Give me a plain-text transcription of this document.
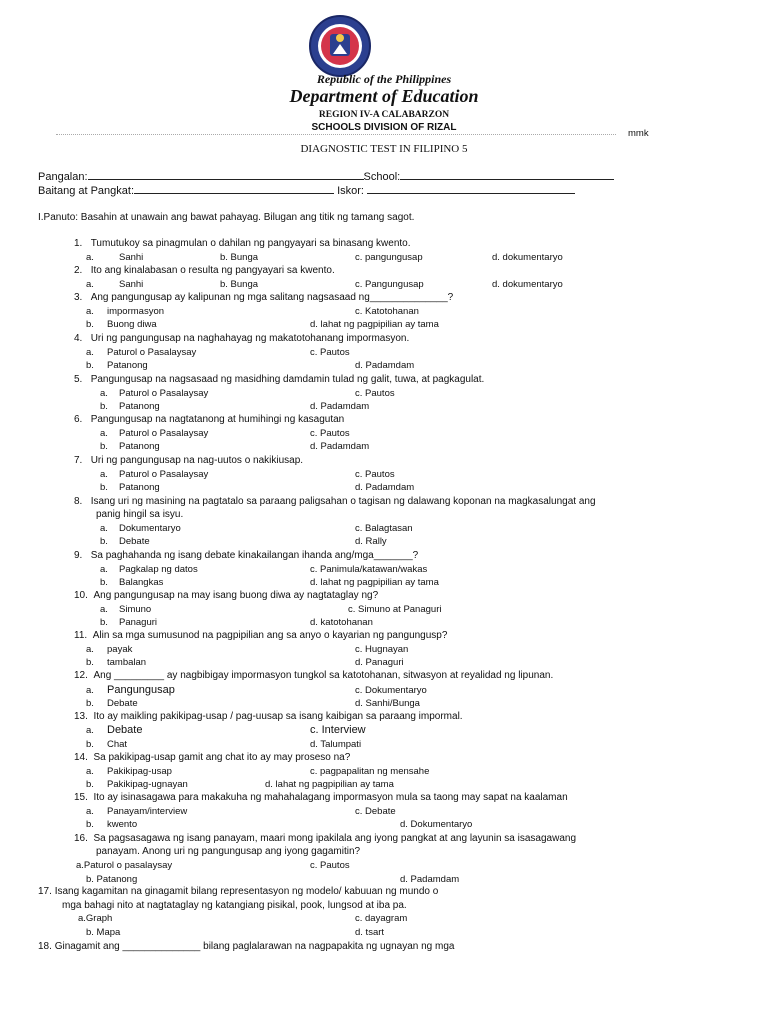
Republic of the Philippines
Department of Education
REGION IV-A CALABARZON
SCHOOLS DIVISION OF RIZAL
mmk
DIAGNOSTIC TEST IN FILIPINO 5
Pangalan:	School:
Baitang at Pangkat:	Iskor:
I.Panuto: Basahin at unawain ang bawat pahayag. Bilugan ang titik ng tamang sagot.
1. Tumutukoy sa pinagmulan o dahilan ng pangyayari sa binasang kwento.
a.	Sanhi	b. Bunga	c. pangungusap	d. dokumentaryo
2. Ito ang kinalabasan o resulta ng pangyayari sa kwento.
a.	Sanhi	b. Bunga	c. Pangungusap	d. dokumentaryo
3. Ang pangungusap ay kalipunan ng mga salitang nagsasaad ng______________?
a. impormasyon	c. Katotohanan
b. Buong diwa	d. lahat ng pagpipilian ay tama
4. Uri ng pangungusap na naghahayag ng makatotohanang impormasyon.
a. Paturol o Pasalaysay	c. Pautos
b. Patanong	d. Padamdam
5. Pangungusap na nagsasaad ng masidhing damdamin tulad ng galit, tuwa, at pagkagulat.
a. Paturol o Pasalaysay	c. Pautos
b. Patanong	d. Padamdam
6. Pangungusap na nagtatanong at humihingi ng kasagutan
a. Paturol o Pasalaysay	c. Pautos
b. Patanong	d. Padamdam
7. Uri ng pangungusap na nag-uutos o nakikiusap.
a. Paturol o Pasalaysay	c. Pautos
b. Patanong	d. Padamdam
8. Isang uri ng masining na pagtatalo sa paraang paligsahan o tagisan ng dalawang koponan na magkasalungat ang
panig hingil sa isyu.
a. Dokumentaryo	c. Balagtasan
b. Debate	d. Rally
9. Sa paghahanda ng isang debate kinakailangan ihanda ang/mga_______?
a. Pagkalap ng datos	c. Panimula/katawan/wakas
b. Balangkas	d. lahat ng pagpipilian ay tama
10. Ang pangungusap na may isang buong diwa ay nagtataglay ng?
a. Simuno	c. Simuno at Panaguri
b. Panaguri	d. katotohanan
11. Alin sa mga sumusunod na pagpipilian ang sa anyo o kayarian ng pangungusp?
a. payak	c. Hugnayan
b. tambalan	d. Panaguri
12. Ang _________ ay nagbibigay impormasyon tungkol sa katotohanan, sitwasyon at reyalidad ng lipunan.
a. Pangungusap	c. Dokumentaryo
b. Debate	d. Sanhi/Bunga
13. Ito ay maikling pakikipag-usap / pag-uusap sa isang kaibigan sa paraang impormal.
a. Debate	c. Interview
b. Chat	d. Talumpati
14. Sa pakikipag-usap gamit ang chat ito ay may proseso na?
a. Pakikipag-usap	c. pagpapalitan ng mensahe
b. Pakikipag-ugnayan	d. lahat ng pagpipilian ay tama
15. Ito ay isinasagawa para makakuha ng mahahalagang impormasyon mula sa taong may sapat na kaalaman
a. Panayam/interview	c. Debate
b. kwento	d. Dokumentaryo
16. Sa pagsasagawa ng isang panayam, maari mong ipakilala ang iyong pangkat at ang layunin sa isasagawang
panayam. Anong uri ng pangungusap ang iyong gagamitin?
a.Paturol o pasalaysay	c. Pautos
b. Patanong	d. Padamdam
17. Isang kagamitan na ginagamit bilang representasyon ng modelo/ kabuuan ng mundo o
mga bahagi nito at nagtataglay ng katangiang pisikal, pook, lungsod at iba pa.
a.Graph	c. dayagram
b. Mapa	d. tsart
18. Ginagamit ang ______________ bilang paglalarawan na nagpapakita ng ugnayan ng mga
